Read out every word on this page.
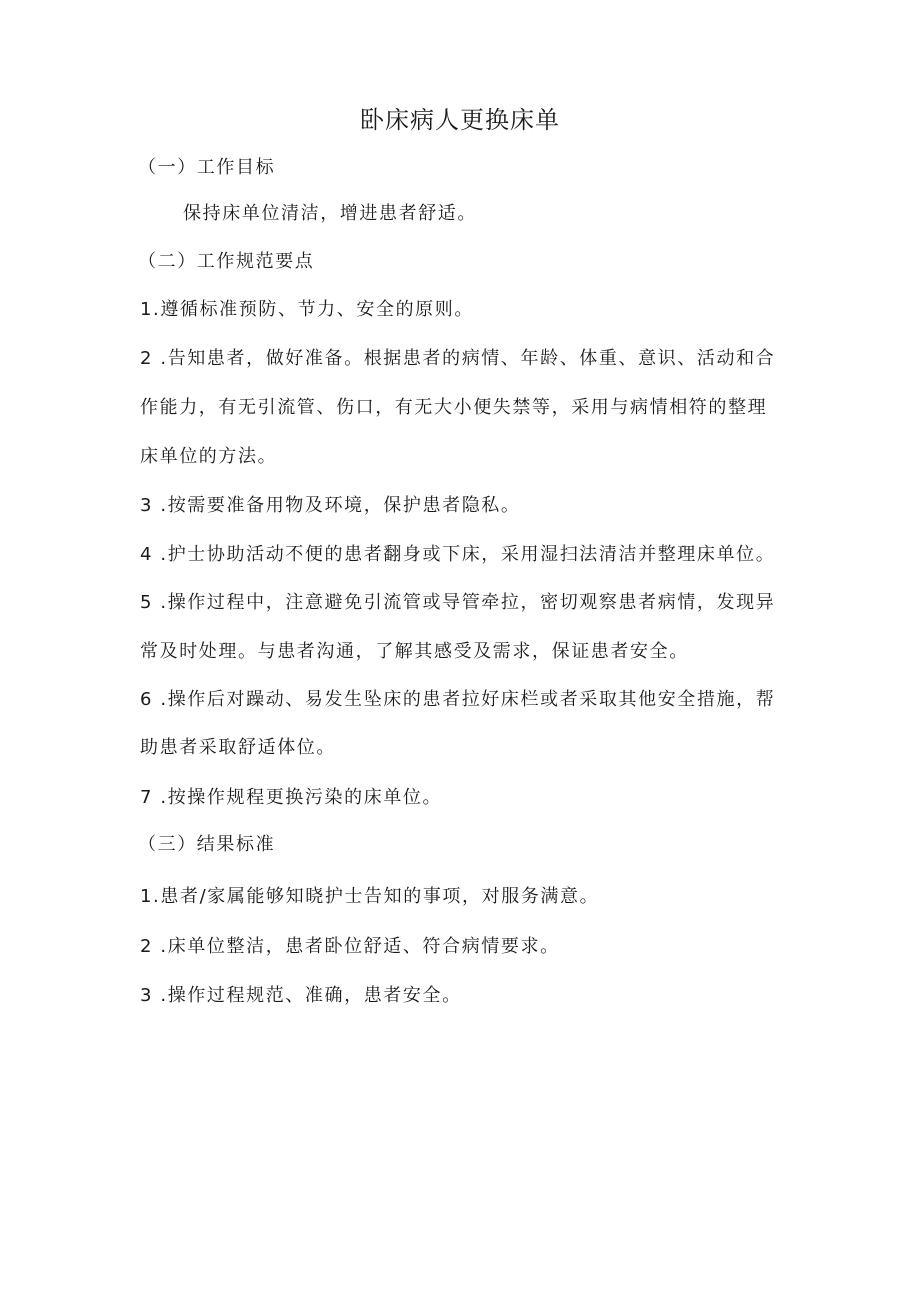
卧床病人更换床单
（一）工作目标
保持床单位清洁，增进患者舒适。
（二）工作规范要点
1.遵循标准预防、节力、安全的原则。
2 .告知患者，做好准备。根据患者的病情、年龄、体重、意识、活动和合
作能力，有无引流管、伤口，有无大小便失禁等，采用与病情相符的整理
床单位的方法。
3 .按需要准备用物及环境，保护患者隐私。
4 .护士协助活动不便的患者翻身或下床，采用湿扫法清洁并整理床单位。
5 .操作过程中，注意避免引流管或导管牵拉，密切观察患者病情，发现异
常及时处理。与患者沟通，了解其感受及需求，保证患者安全。
6 .操作后对躁动、易发生坠床的患者拉好床栏或者采取其他安全措施，帮
助患者采取舒适体位。
7 .按操作规程更换污染的床单位。
（三）结果标准
1.患者/家属能够知晓护士告知的事项，对服务满意。
2 .床单位整洁，患者卧位舒适、符合病情要求。
3 .操作过程规范、准确，患者安全。
